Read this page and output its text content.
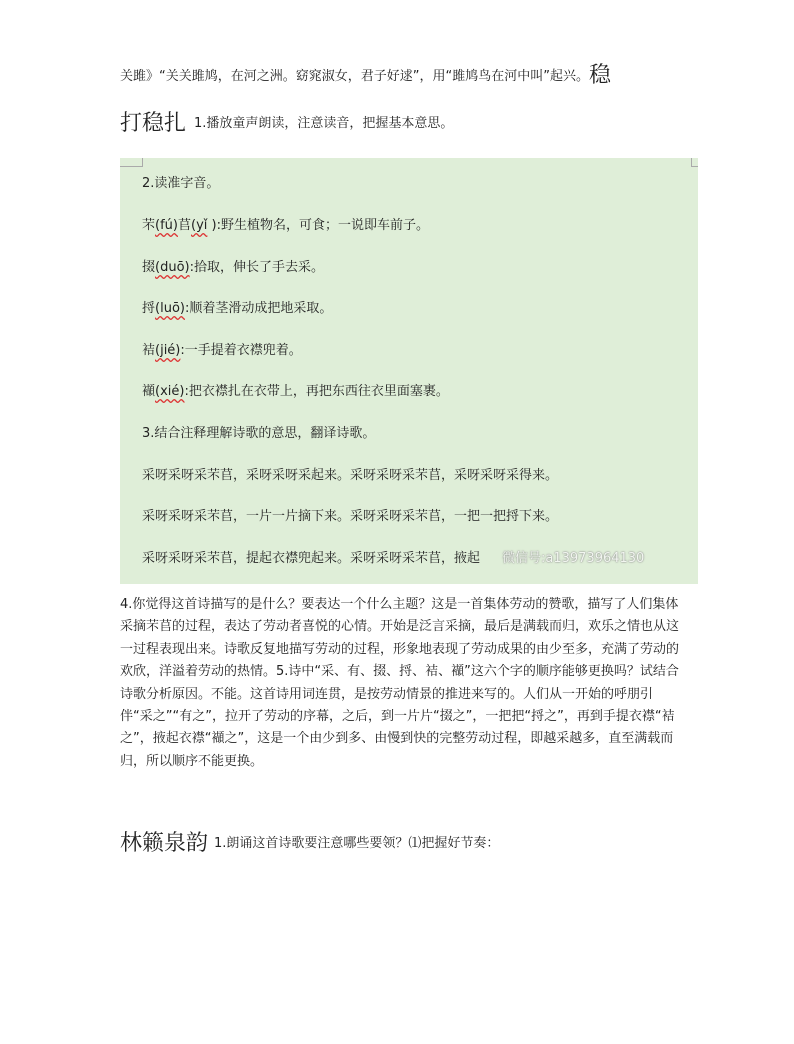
关雎》“关关雎鸠，在河之洲。窈窕淑女，君子好逑”，用“雎鸠鸟在河中叫”起兴。稳
打稳扎 1.播放童声朗读，注意读音，把握基本意思。
2.读准字音。
芣(fú)苢(yǐ ):野生植物名，可食；一说即车前子。
掇(duō):拾取，伸长了手去采。
捋(luō):顺着茎滑动成把地采取。
袺(jié):一手提着衣襟兜着。
襭(xié):把衣襟扎在衣带上，再把东西往衣里面塞裹。
3.结合注释理解诗歌的意思，翻译诗歌。
采呀采呀采芣苢，采呀采呀采起来。采呀采呀采芣苢，采呀采呀采得来。
采呀采呀采芣苢，一片一片摘下来。采呀采呀采芣苢，一把一把捋下来。
采呀采呀采芣苢，提起衣襟兜起来。采呀采呀采芣苢，掖起 微信号:a13973964130

4.你觉得这首诗描写的是什么？要表达一个什么主题？这是一首集体劳动的赞歌，描写了人们集体采摘芣苢的过程，表达了劳动者喜悦的心情。开始是泛言采摘，最后是满载而归，欢乐之情也从这一过程表现出来。诗歌反复地描写劳动的过程，形象地表现了劳动成果的由少至多，充满了劳动的欢欣，洋溢着劳动的热情。5.诗中“采、有、掇、捋、袺、襭”这六个字的顺序能够更换吗？试结合诗歌分析原因。不能。这首诗用词连贯，是按劳动情景的推进来写的。人们从一开始的呼朋引伴“采之”“有之”，拉开了劳动的序幕，之后，到一片片“掇之”，一把把“捋之”，再到手提衣襟“袺之”，掖起衣襟“襭之”，这是一个由少到多、由慢到快的完整劳动过程，即越采越多，直至满载而归，所以顺序不能更换。

林籁泉韵 1.朗诵这首诗歌要注意哪些要领？⑴把握好节奏：
